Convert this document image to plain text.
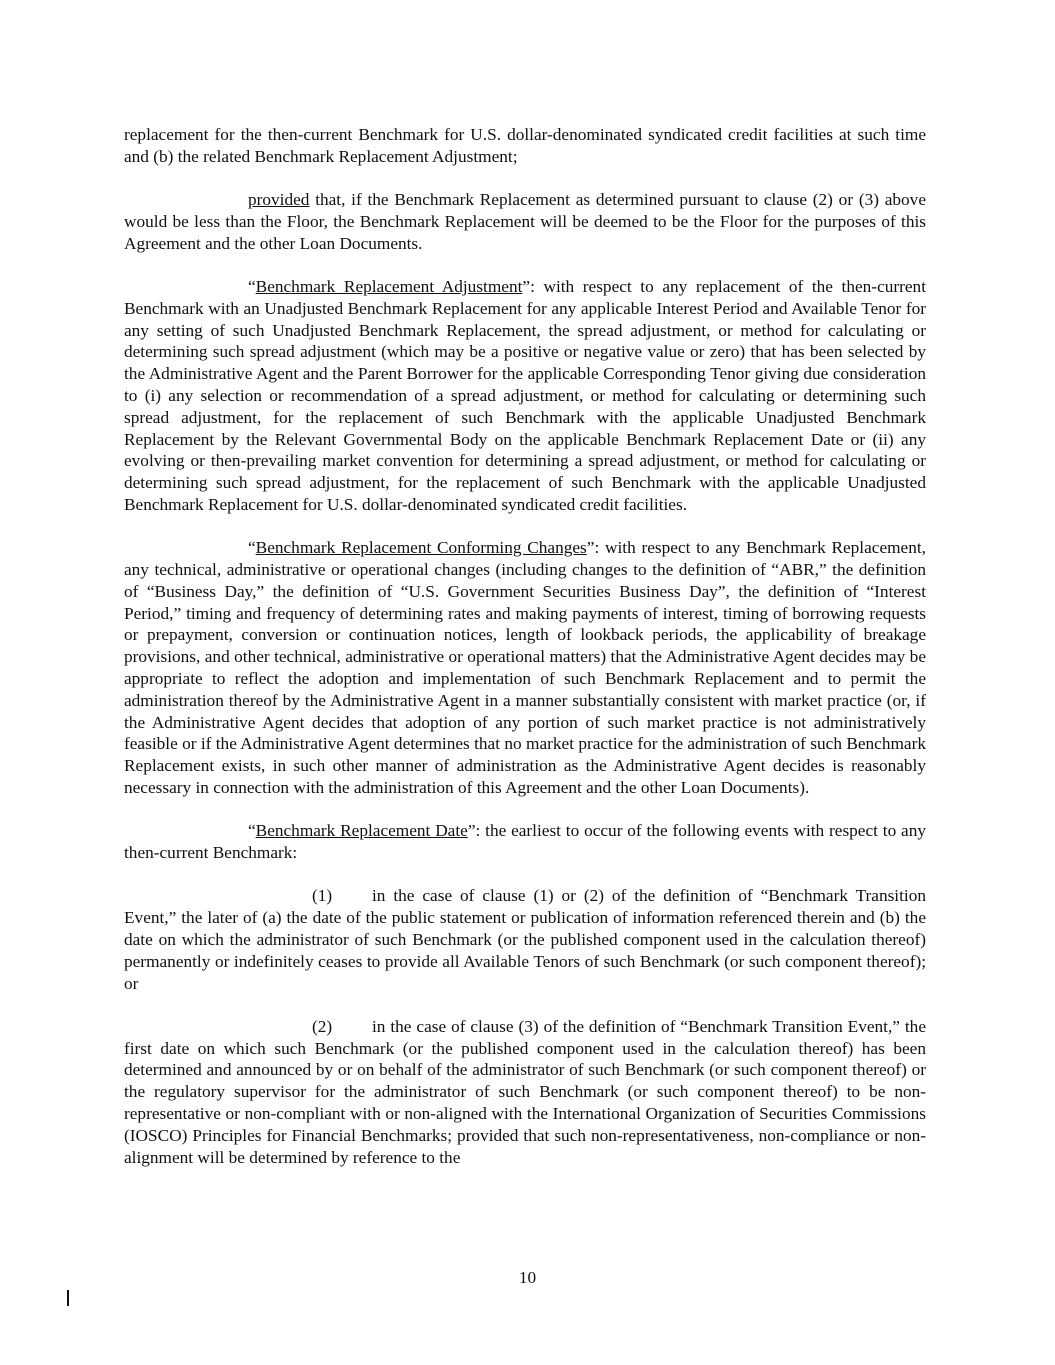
replacement for the then-current Benchmark for U.S. dollar-denominated syndicated credit facilities at such time and (b) the related Benchmark Replacement Adjustment;

provided that, if the Benchmark Replacement as determined pursuant to clause (2) or (3) above would be less than the Floor, the Benchmark Replacement will be deemed to be the Floor for the purposes of this Agreement and the other Loan Documents.

“Benchmark Replacement Adjustment”: with respect to any replacement of the then-current Benchmark with an Unadjusted Benchmark Replacement for any applicable Interest Period and Available Tenor for any setting of such Unadjusted Benchmark Replacement, the spread adjustment, or method for calculating or determining such spread adjustment (which may be a positive or negative value or zero) that has been selected by the Administrative Agent and the Parent Borrower for the applicable Corresponding Tenor giving due consideration to (i) any selection or recommendation of a spread adjustment, or method for calculating or determining such spread adjustment, for the replacement of such Benchmark with the applicable Unadjusted Benchmark Replacement by the Relevant Governmental Body on the applicable Benchmark Replacement Date or (ii) any evolving or then-prevailing market convention for determining a spread adjustment, or method for calculating or determining such spread adjustment, for the replacement of such Benchmark with the applicable Unadjusted Benchmark Replacement for U.S. dollar-denominated syndicated credit facilities.

“Benchmark Replacement Conforming Changes”: with respect to any Benchmark Replacement, any technical, administrative or operational changes (including changes to the definition of “ABR,” the definition of “Business Day,” the definition of “U.S. Government Securities Business Day”, the definition of “Interest Period,” timing and frequency of determining rates and making payments of interest, timing of borrowing requests or prepayment, conversion or continuation notices, length of lookback periods, the applicability of breakage provisions, and other technical, administrative or operational matters) that the Administrative Agent decides may be appropriate to reflect the adoption and implementation of such Benchmark Replacement and to permit the administration thereof by the Administrative Agent in a manner substantially consistent with market practice (or, if the Administrative Agent decides that adoption of any portion of such market practice is not administratively feasible or if the Administrative Agent determines that no market practice for the administration of such Benchmark Replacement exists, in such other manner of administration as the Administrative Agent decides is reasonably necessary in connection with the administration of this Agreement and the other Loan Documents).

“Benchmark Replacement Date”: the earliest to occur of the following events with respect to any then-current Benchmark:

(1) in the case of clause (1) or (2) of the definition of “Benchmark Transition Event,” the later of (a) the date of the public statement or publication of information referenced therein and (b) the date on which the administrator of such Benchmark (or the published component used in the calculation thereof) permanently or indefinitely ceases to provide all Available Tenors of such Benchmark (or such component thereof); or

(2) in the case of clause (3) of the definition of “Benchmark Transition Event,” the first date on which such Benchmark (or the published component used in the calculation thereof) has been determined and announced by or on behalf of the administrator of such Benchmark (or such component thereof) or the regulatory supervisor for the administrator of such Benchmark (or such component thereof) to be non-representative or non-compliant with or non-aligned with the International Organization of Securities Commissions (IOSCO) Principles for Financial Benchmarks; provided that such non-representativeness, non-compliance or non-alignment will be determined by reference to the

10
